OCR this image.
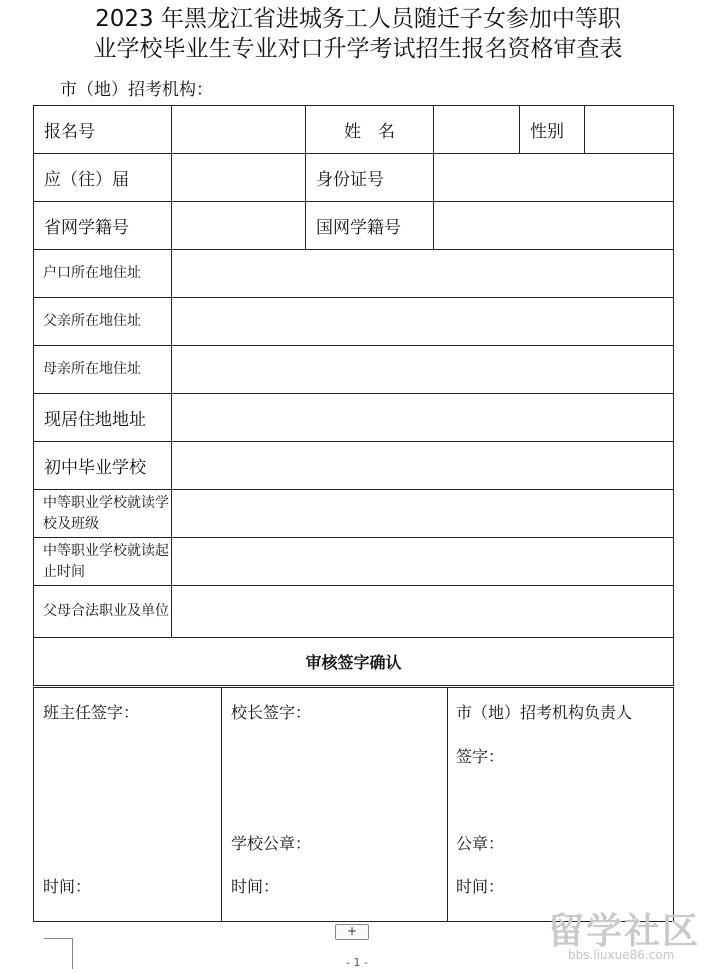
2023 年黑龙江省进城务工人员随迁子女参加中等职
业学校毕业生专业对口升学考试招生报名资格审查表
市（地）招考机构：
报名号		姓　名		性别	
应（往）届		身份证号			
省网学籍号		国网学籍号			
户口所在地住址					
父亲所在地住址					
母亲所在地住址					
现居住地地址					
初中毕业学校					
中等职业学校就读学校及班级					
中等职业学校就读起止时间					
父母合法职业及单位					
审核签字确认					
班主任签字：
时间：

校长签字：
学校公章：
时间：

市（地）招考机构负责人
签字：
公章：
时间：
+
- 1 -
留学社区
bbs.liuxue86.com
